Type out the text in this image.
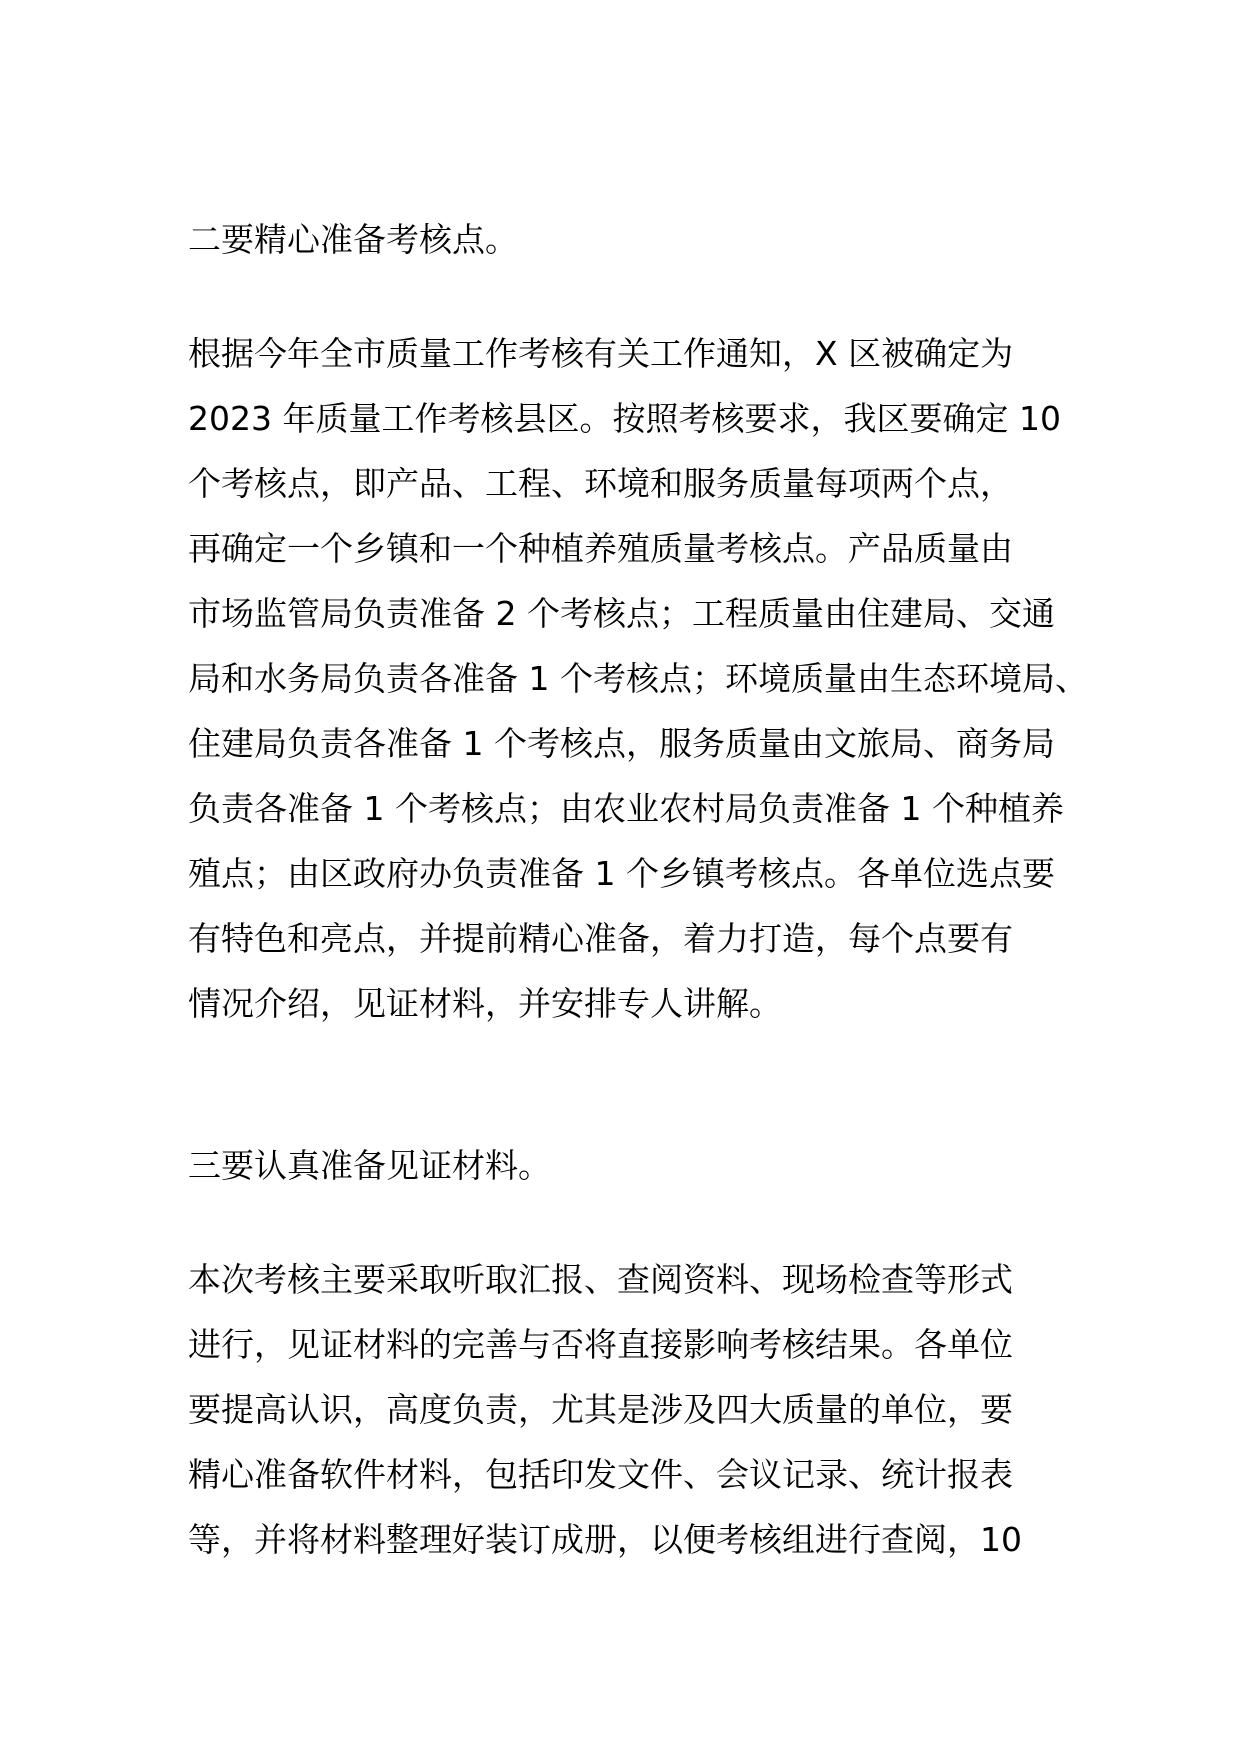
二要精心准备考核点。
根据今年全市质量工作考核有关工作通知，X 区被确定为
2023 年质量工作考核县区。按照考核要求，我区要确定 10
个考核点，即产品、工程、环境和服务质量每项两个点，
再确定一个乡镇和一个种植养殖质量考核点。产品质量由
市场监管局负责准备 2 个考核点；工程质量由住建局、交通
局和水务局负责各准备 1 个考核点；环境质量由生态环境局、
住建局负责各准备 1 个考核点，服务质量由文旅局、商务局
负责各准备 1 个考核点；由农业农村局负责准备 1 个种植养
殖点；由区政府办负责准备 1 个乡镇考核点。各单位选点要
有特色和亮点，并提前精心准备，着力打造，每个点要有
情况介绍，见证材料，并安排专人讲解。
三要认真准备见证材料。
本次考核主要采取听取汇报、查阅资料、现场检查等形式
进行，见证材料的完善与否将直接影响考核结果。各单位
要提高认识，高度负责，尤其是涉及四大质量的单位，要
精心准备软件材料，包括印发文件、会议记录、统计报表
等，并将材料整理好装订成册，以便考核组进行查阅，10
